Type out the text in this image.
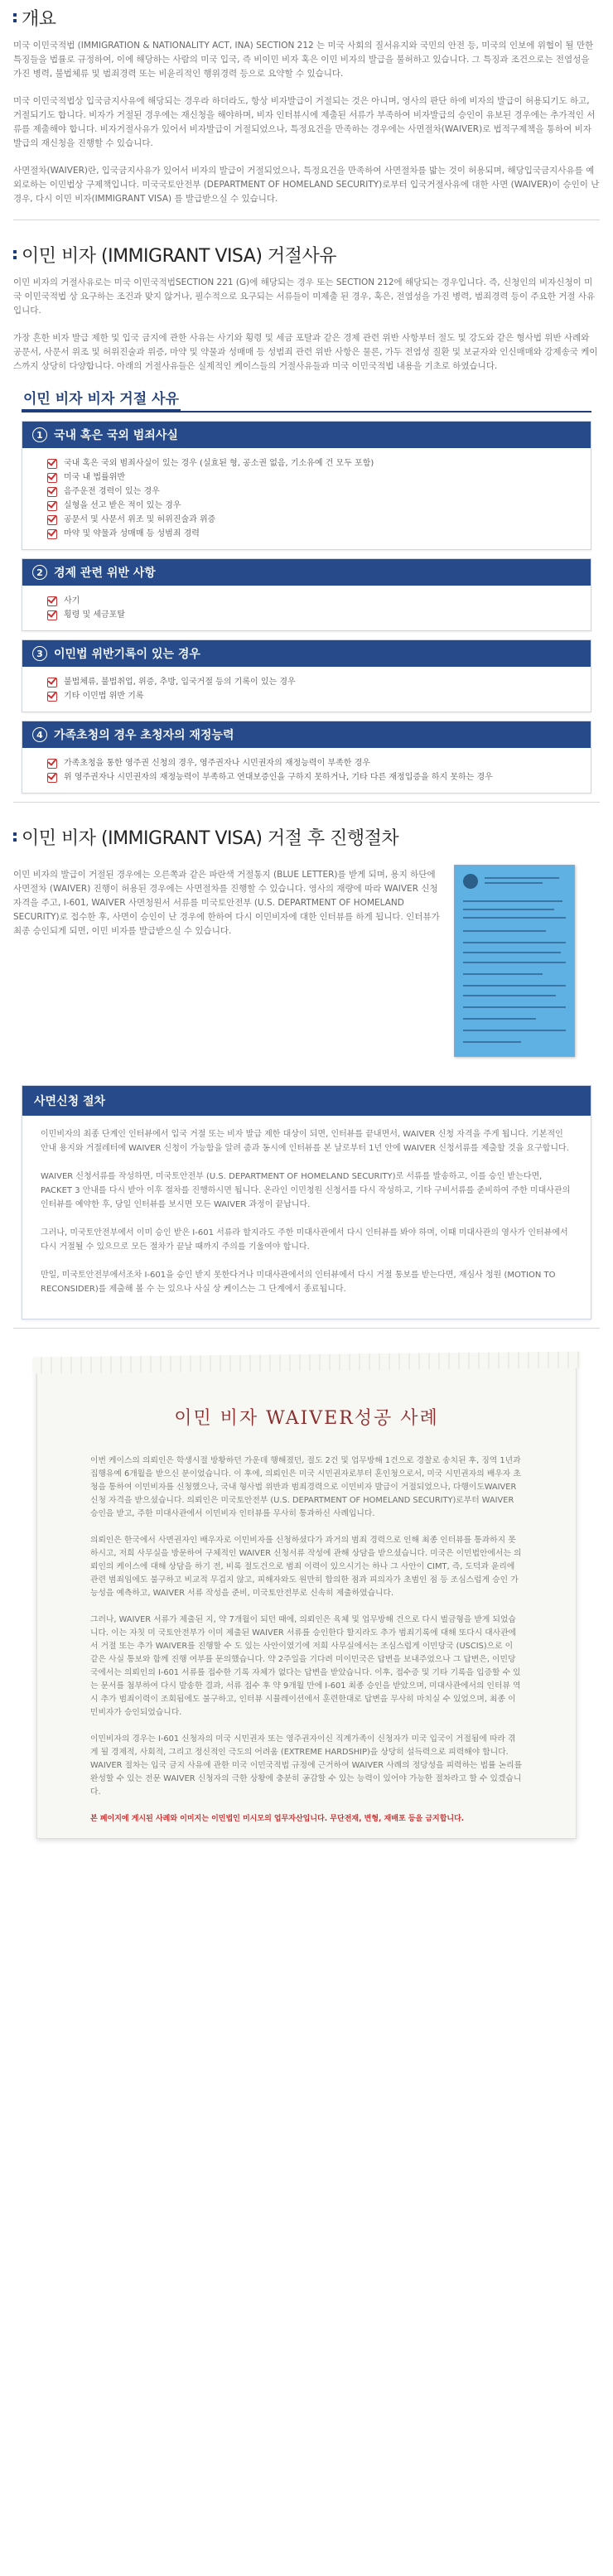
개요

미국 이민국적법 (IMMIGRATION & NATIONALITY ACT, INA) SECTION 212 는 미국 사회의 질서유지와 국민의 안전 등, 미국의 인보에 위협이 될 만한 특징들을 법률로 규정하여, 이에 해당하는 사람의 미국 입국, 즉 비이민 비자 혹은 이민 비자의 발급을 불허하고 있습니다. 그 특징과 조건으로는 전염성을 가진 병력, 불법체류 및 범죄경력 또는 비윤리적인 행위경력 등으로 요약할 수 있습니다.

미국 이민국적법상 입국금지사유에 해당되는 경우라 하더라도, 항상 비자발급이 거절되는 것은 아니며, 영사의 판단 하에 비자의 발급이 허용되기도 하고, 거절되기도 합니다. 비자가 거절된 경우에는 재신청을 해야하며, 비자 인터뷰시에 제출된 서류가 부족하여 비자발급의 승인이 유보된 경우에는 추가적인 서류를 제출해야 합니다. 비자거절사유가 있어서 비자발급이 거절되었으나, 특정요건을 만족하는 경우에는 사면절차(WAIVER)로 법적구제책을 통하여 비자발급의 재신청을 진행할 수 있습니다.

사면절차(WAIVER)란, 입국금지사유가 있어서 비자의 발급이 거절되었으나, 특정요건을 만족하여 사면절차를 밟는 것이 허용되며, 해당입국금지사유를 예외로하는 이민법상 구제책입니다. 미국국토안전부 (DEPARTMENT OF HOMELAND SECURITY)로부터 입국거절사유에 대한 사면 (WAIVER)이 승인이 난 경우, 다시 이민 비자(IMMIGRANT VISA) 를 발급받으실 수 있습니다.

이민 비자 (IMMIGRANT VISA) 거절사유

이민 비자의 거절사유로는 미국 이민국적법SECTION 221 (G)에 해당되는 경우 또는 SECTION 212에 해당되는 경우입니다. 즉, 신청인의 비자신청이 미국 이민국적법 상 요구하는 조건과 맞지 않거나, 필수적으로 요구되는 서류들이 미제출 된 경우, 혹은, 전염성을 가진 병력, 범죄경력 등이 주요한 거절 사유입니다.

가장 흔한 비자 발급 제한 및 입국 금지에 관한 사유는 사기와 횡령 및 세금 포탈과 같은 경제 관련 위반 사항부터 절도 및 강도와 같은 형사법 위반 사례와 공문서, 사문서 위조 및 허위진술과 위증, 마약 및 약물과 성매매 등 성범죄 관련 위반 사항은 물론, 가두 전염성 질환 및 보균자와 인신매매와 강제송국 케이스까지 상당히 다양합니다. 아래의 거절사유들은 실제적인 케이스들의 거절사유들과 미국 이민국적법 내용을 기초로 하였습니다.

이민 비자 비자 거절 사유
1 국내 혹은 국외 범죄사실
국내 혹은 국외 범죄사실이 있는 경우 (실효된 형, 공소권 없음, 기소유예 건 모두 포함)
미국 내 법률위반
음주운전 경력이 있는 경우
실형을 선고 받은 적이 있는 경우
공문서 및 사문서 위조 및 허위진술과 위증
마약 및 약물과 성매매 등 성범죄 경력
2 경제 관련 위반 사항
사기
횡령 및 세금포탈
3 이민법 위반기록이 있는 경우
불법체류, 불법취업, 위증, 추방, 입국거절 등의 기록이 있는 경우
기타 이민법 위반 기록
4 가족초청의 경우 초청자의 재정능력
가족초청을 통한 영주권 신청의 경우, 영주권자나 시민권자의 재정능력이 부족한 경우
위 영주권자나 시민권자의 재정능력이 부족하고 연대보증인을 구하지 못하거나, 기타 다른 재정입증을 하지 못하는 경우
이민 비자 (IMMIGRANT VISA) 거절 후 진행절차

이민 비자의 발급이 거절된 경우에는 오른쪽과 같은 파란색 거절통지 (BLUE LETTER)를 받게 되며, 용지 하단에 사면절차 (WAIVER) 진행이 허용된 경우에는 사면절차를 진행할 수 있습니다. 영사의 재량에 따라 WAIVER 신청 자격을 주고, I-601, WAIVER 사면청원서 서류를 미국토안전부 (U.S. DEPARTMENT OF HOMELAND SECURITY)로 접수한 후, 사면이 승인이 난 경우에 한하여 다시 이민비자에 대한 인터뷰를 하게 됩니다. 인터뷰가 최종 승인되게 되면, 이민 비자를 발급받으실 수 있습니다.

사면신청 절차

이민비자의 최종 단계인 인터뷰에서 입국 거절 또는 비자 발급 제한 대상이 되면, 인터뷰를 끝내면서, WAIVER 신청 자격을 주게 됩니다. 기본적인 안내 용지와 거절레터에 WAIVER 신청이 가능함을 알려 줌과 동시에 인터뷰를 본 날로부터 1년 안에 WAIVER 신청서류를 제출할 것을 요구합니다.

WAIVER 신청서류를 작성하면, 미국토안전부 (U.S. DEPARTMENT OF HOMELAND SECURITY)로 서류를 발송하고, 이를 승인 받는다면, PACKET 3 안내를 다시 받아 이후 절차를 진행하시면 됩니다. 온라인 이민청원 신청서를 다시 작성하고, 기타 구비서류를 준비하여 주한 미대사관의 인터뷰를 예약한 후, 당일 인터뷰를 보시면 모든 WAIVER 과정이 끝납니다.

그러나, 미국토안전부에서 이미 승인 받은 I-601 서류라 할지라도 주한 미대사관에서 다시 인터뷰를 봐야 하며, 이때 미대사관의 영사가 인터뷰에서 다시 거절될 수 있으므로 모든 절차가 끝날 때까지 주의를 기울여야 합니다.

만일, 미국토안전부에서조차 I-601을 승인 받지 못한다거나 미대사관에서의 인터뷰에서 다시 거절 통보를 받는다면, 재심사 청원 (MOTION TO RECONSIDER)를 제출해 볼 수 는 있으나 사실 상 케이스는 그 단계에서 종료됩니다.

이민 비자 WAIVER성공 사례

이번 케이스의 의뢰인은 학생시절 방황하던 가운데 행해졌던, 절도 2건 및 업무방해 1건으로 경찰로 송치된 후, 징역 1년과 집행유예 6개월을 받으신 분이었습니다. 이 후에, 의뢰인은 미국 시민권자로부터 혼인청으로서, 미국 시민권자의 배우자 초청을 통하여 이민비자를 신청했으나, 국내 형사법 위반과 범죄경력으로 이민비자 발급이 거절되었으나, 다행이도WAIVER 신청 자격을 받으셨습니다. 의뢰인은 미국토안전부 (U.S. DEPARTMENT OF HOMELAND SECURITY)로부터 WAIVER 승인을 받고, 주한 미대사관에서 이민비자 인터뷰를 무사히 통과하신 사례입니다.

의뢰인은 한국에서 사면권자인 배우자로 이민비자를 신청하셨다가 과거의 범죄 경력으로 인해 최종 인터뷰를 통과하지 못하시고, 저희 사무실을 방문하여 구체적인 WAIVER 신청서류 작성에 관해 상담을 받으셨습니다. 미국은 이민법안에서는 의뢰인의 케이스에 대해 상담을 하기 전, 비록 절도건으로 범죄 이력이 있으시기는 하나 그 사안이 CIMT, 즉, 도덕과 윤리에 관련 범죄임에도 불구하고 비교적 무겁지 않고, 피해자와도 원만히 합의한 점과 피의자가 초범인 점 등 조심스럽게 승인 가능성을 예측하고, WAIVER 서류 작성을 준비, 미국토안전부로 신속히 제출하였습니다.

그러나, WAIVER 서류가 제출된 지, 약 7개월이 되던 때에, 의뢰인은 육체 및 업무방해 건으로 다시 벌금형을 받게 되었습니다. 이는 자칫 미 국토안전부가 이미 제출된 WAIVER 서류를 승인한다 할지라도 추가 범죄기록에 대해 또다시 대사관에서 거절 또는 추가 WAIVER를 진행할 수 도 있는 사안이였기에 저희 사무실에서는 조심스럽게 이민당국 (USCIS)으로 이 같은 사실 통보와 함께 진행 여부를 문의했습니다. 약 2주일을 기다려 미이민국은 답변을 보내주었으나 그 답변은, 이민당국에서는 의뢰인의 I-601 서류를 접수한 기록 자체가 없다는 답변을 받았습니다. 이후, 접수증 및 기타 기록을 입증할 수 있는 문서를 첨부하여 다시 발송한 결과, 서류 접수 후 약 9개월 만에 I-601 최종 승인을 받았으며, 미대사관에서의 인터뷰 역시 추가 범죄이력이 조회됨에도 불구하고, 인터뷰 시뮬레이션에서 훈련한대로 답변을 무사히 마치실 수 있었으며, 최종 이민비자가 승인되었습니다.

이민비자의 경우는 I-601 신청자의 미국 시민권자 또는 영주권자이신 직계가족이 신청자가 미국 입국이 거절됨에 따라 겪게 될 경제적, 사회적, 그리고 정신적인 극도의 어려움 (EXTREME HARDSHIP)을 상당히 설득력으로 피력해야 합니다. WAIVER 절차는 입국 금지 사유에 관한 미국 이민국적법 규정에 근거하여 WAIVER 사례의 정당성을 피력하는 법률 논리를 완성할 수 있는 전문 WAIVER 신청자의 극한 상황에 충분히 공감할 수 있는 능력이 있어야 가능한 절차라고 할 수 있겠습니다.

본 페이지에 게시된 사례와 이미지는 이민법인 미시모의 업무자산입니다. 무단전재, 변형, 재배포 등을 금지합니다.
